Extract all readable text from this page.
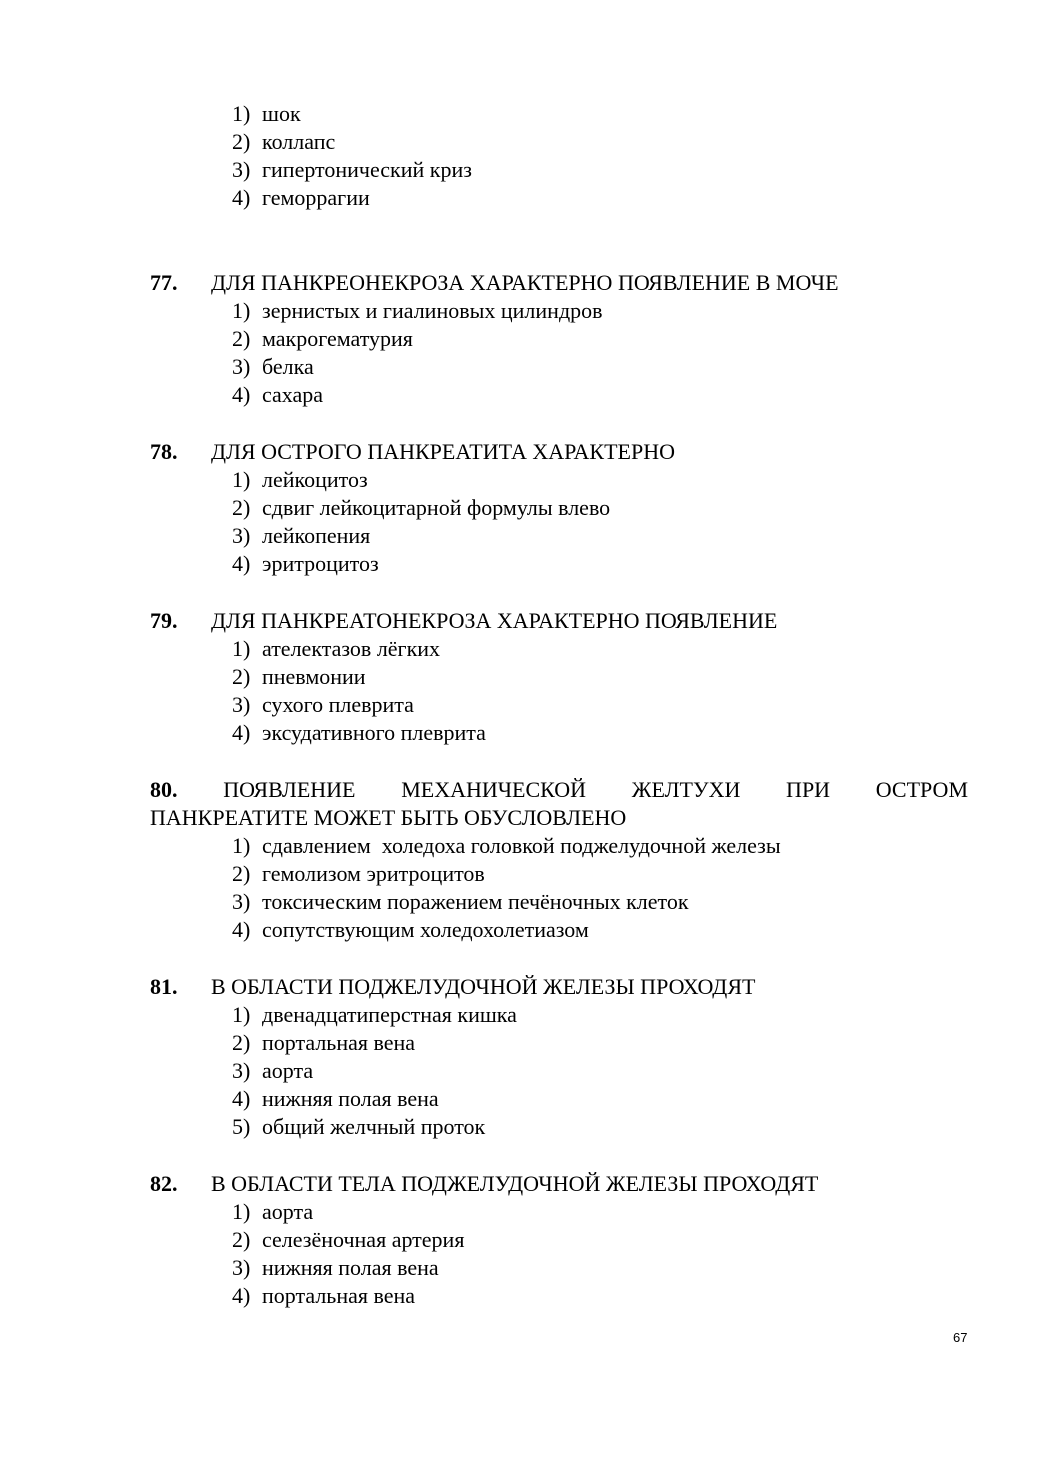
1) шок
2) коллапс
3) гипертонический криз
4) геморрагии
77. ДЛЯ ПАНКРЕОНЕКРОЗА ХАРАКТЕРНО ПОЯВЛЕНИЕ В МОЧЕ
1) зернистых и гиалиновых цилиндров
2) макрогематурия
3) белка
4) сахара
78. ДЛЯ ОСТРОГО ПАНКРЕАТИТА ХАРАКТЕРНО
1) лейкоцитоз
2) сдвиг лейкоцитарной формулы влево
3) лейкопения
4) эритроцитоз
79. ДЛЯ ПАНКРЕАТОНЕКРОЗА ХАРАКТЕРНО ПОЯВЛЕНИЕ
1) ателектазов лёгких
2) пневмонии
3) сухого плеврита
4) эксудативного плеврита
80. ПОЯВЛЕНИЕ МЕХАНИЧЕСКОЙ ЖЕЛТУХИ ПРИ ОСТРОМ
ПАНКРЕАТИТЕ МОЖЕТ БЫТЬ ОБУСЛОВЛЕНО
1) сдавлением  холедоха головкой поджелудочной железы
2) гемолизом эритроцитов
3) токсическим поражением печёночных клеток
4) сопутствующим холедохолетиазом
81. В ОБЛАСТИ ПОДЖЕЛУДОЧНОЙ ЖЕЛЕЗЫ ПРОХОДЯТ
1) двенадцатиперстная кишка
2) портальная вена
3) аорта
4) нижняя полая вена
5) общий желчный проток
82. В ОБЛАСТИ ТЕЛА ПОДЖЕЛУДОЧНОЙ ЖЕЛЕЗЫ ПРОХОДЯТ
1) аорта
2) селезёночная артерия
3) нижняя полая вена
4) портальная вена
67
